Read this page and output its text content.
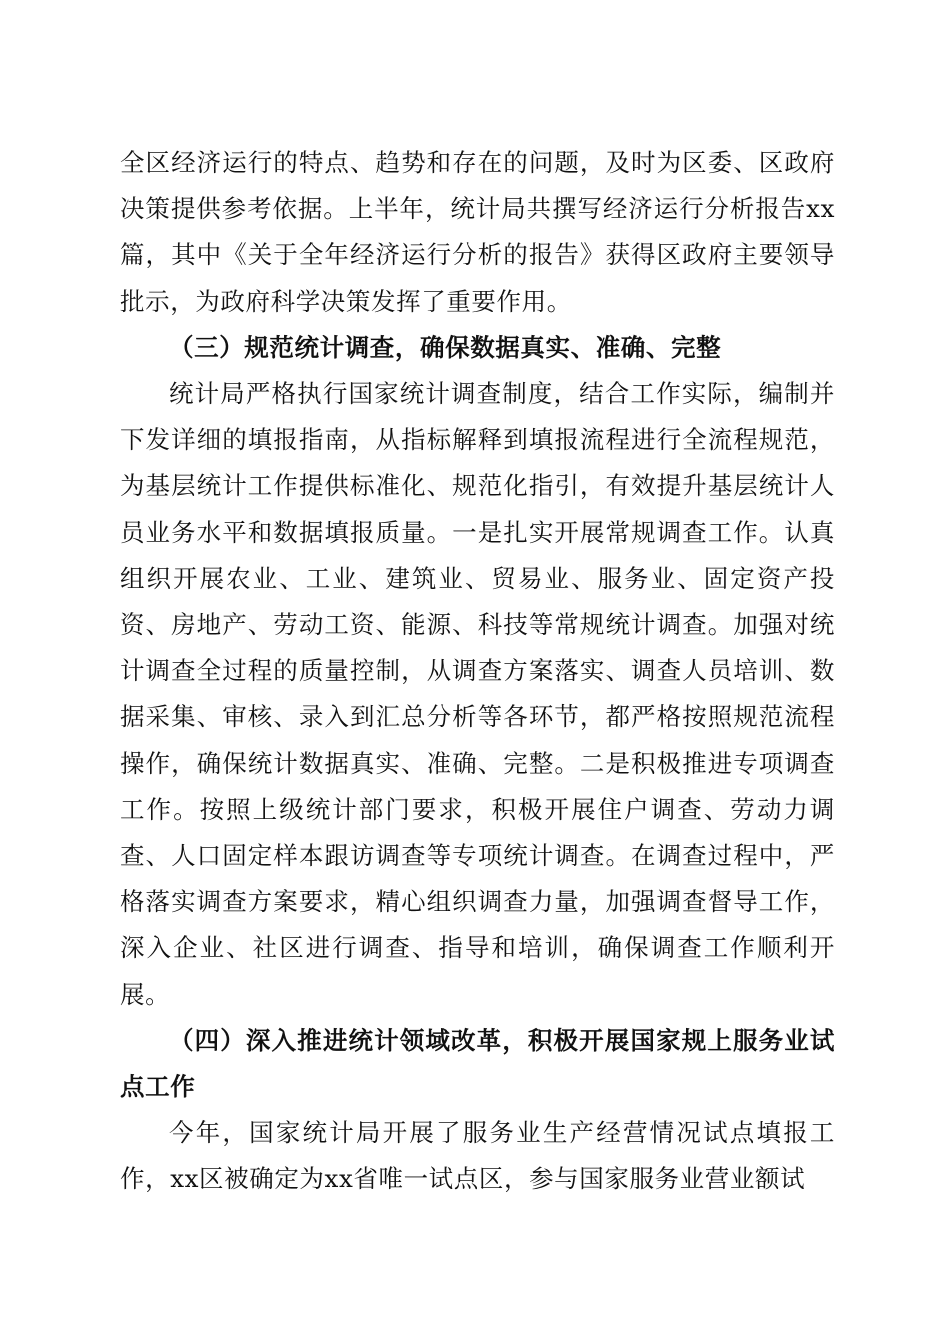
全区经济运行的特点、趋势和存在的问题，及时为区委、区政府决策提供参考依据。上半年，统计局共撰写经济运行分析报告xx篇，其中《关于全年经济运行分析的报告》获得区政府主要领导批示，为政府科学决策发挥了重要作用。

（三）规范统计调查，确保数据真实、准确、完整

统计局严格执行国家统计调查制度，结合工作实际，编制并下发详细的填报指南，从指标解释到填报流程进行全流程规范，为基层统计工作提供标准化、规范化指引，有效提升基层统计人员业务水平和数据填报质量。一是扎实开展常规调查工作。认真组织开展农业、工业、建筑业、贸易业、服务业、固定资产投资、房地产、劳动工资、能源、科技等常规统计调查。加强对统计调查全过程的质量控制，从调查方案落实、调查人员培训、数据采集、审核、录入到汇总分析等各环节，都严格按照规范流程操作，确保统计数据真实、准确、完整。二是积极推进专项调查工作。按照上级统计部门要求，积极开展住户调查、劳动力调查、人口固定样本跟访调查等专项统计调查。在调查过程中，严格落实调查方案要求，精心组织调查力量，加强调查督导工作，深入企业、社区进行调查、指导和培训，确保调查工作顺利开展。

（四）深入推进统计领域改革，积极开展国家规上服务业试点工作

今年，国家统计局开展了服务业生产经营情况试点填报工作，xx区被确定为xx省唯一试点区，参与国家服务业营业额试
